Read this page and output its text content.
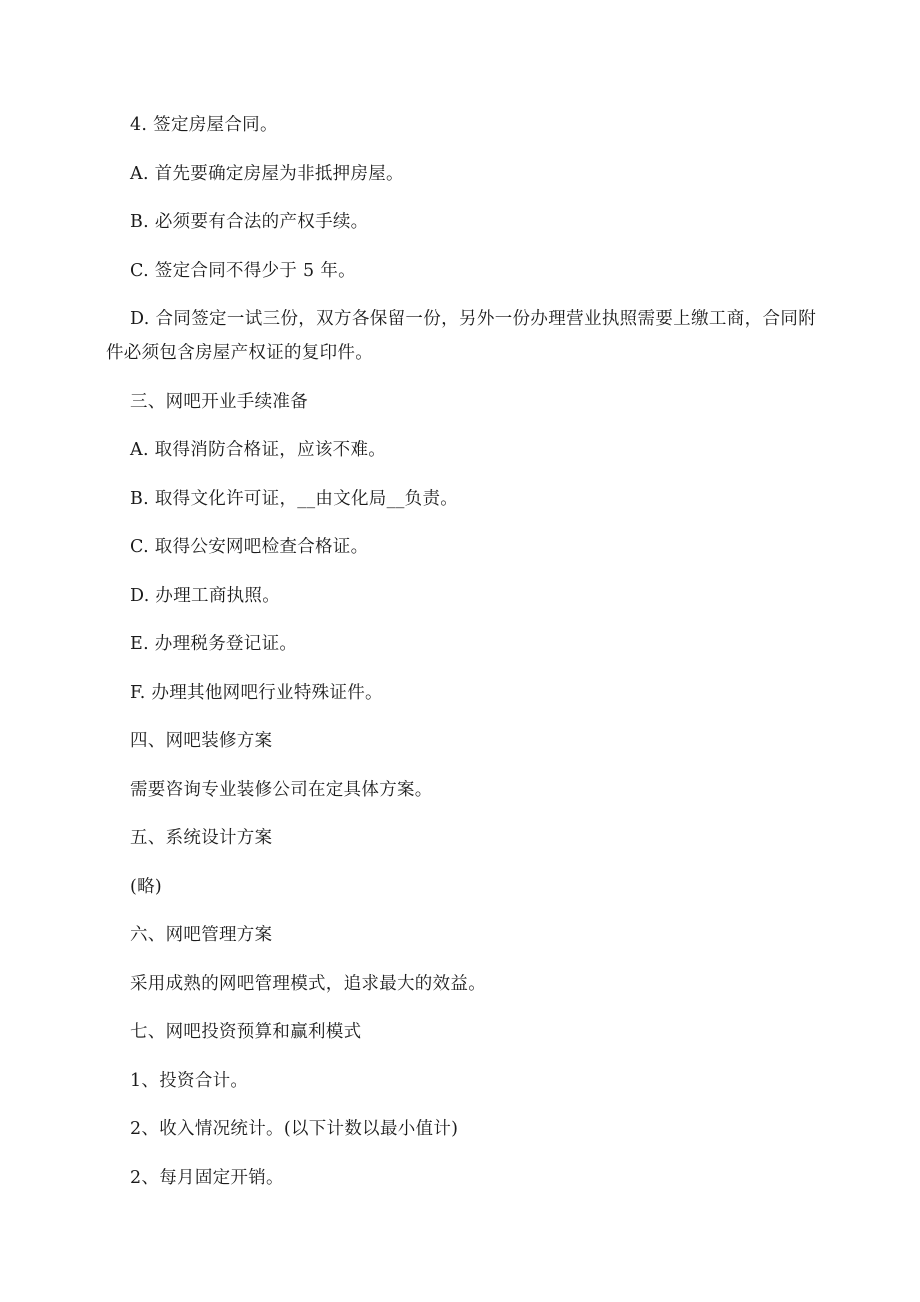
4. 签定房屋合同。

A. 首先要确定房屋为非抵押房屋。

B. 必须要有合法的产权手续。

C. 签定合同不得少于 5 年。

D. 合同签定一试三份，双方各保留一份，另外一份办理营业执照需要上缴工商，合同附件必须包含房屋产权证的复印件。

三、网吧开业手续准备

A. 取得消防合格证，应该不难。

B. 取得文化许可证，__由文化局__负责。

C. 取得公安网吧检查合格证。

D. 办理工商执照。

E. 办理税务登记证。

F. 办理其他网吧行业特殊证件。

四、网吧装修方案

需要咨询专业装修公司在定具体方案。

五、系统设计方案

(略)

六、网吧管理方案

采用成熟的网吧管理模式，追求最大的效益。

七、网吧投资预算和赢利模式

1、投资合计。

2、收入情况统计。(以下计数以最小值计)

2、每月固定开销。
